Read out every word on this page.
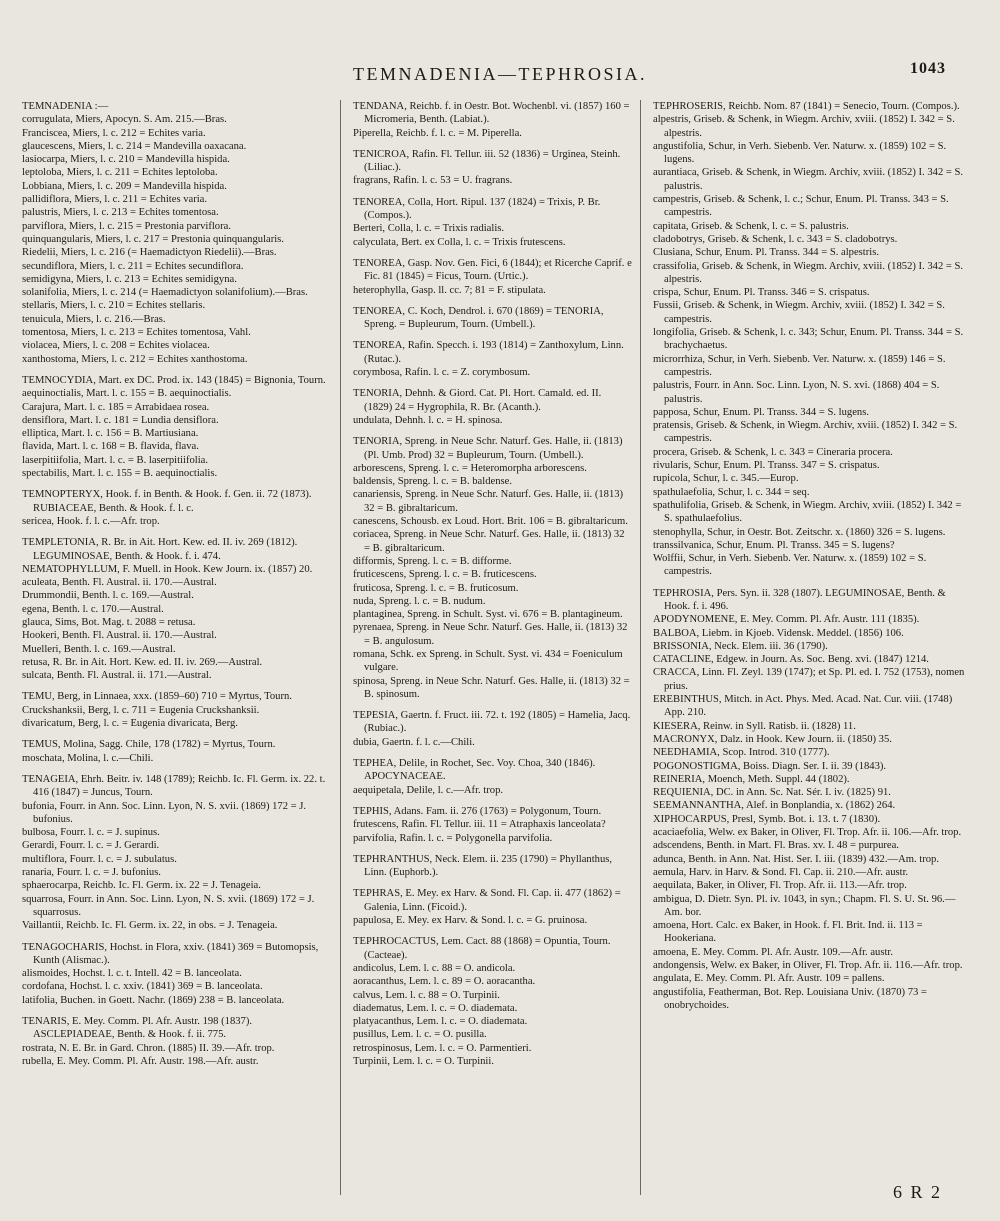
TEMNADENIA—TEPHROSIA.	1043

TEMNADENIA :—

corrugulata, Miers, Apocyn. S. Am. 215.—Bras.

Franciscea, Miers, l. c. 212 = Echites varia.

glaucescens, Miers, l. c. 214 = Mandevilla oaxacana.

lasiocarpa, Miers, l. c. 210 = Mandevilla hispida.

leptoloba, Miers, l. c. 211 = Echites leptoloba.

Lobbiana, Miers, l. c. 209 = Mandevilla hispida.

pallidiflora, Miers, l. c. 211 = Echites varia.

palustris, Miers, l. c. 213 = Echites tomentosa.

parviflora, Miers, l. c. 215 = Prestonia parviflora.

quinquangularis, Miers, l. c. 217 = Prestonia quinquangularis.

Riedelii, Miers, l. c. 216 (= Haemadictyon Riedelii).—Bras.

secundiflora, Miers, l. c. 211 = Echites secundiflora.

semidigyna, Miers, l. c. 213 = Echites semidigyna.

solanifolia, Miers, l. c. 214 (= Haemadictyon solanifolium).—Bras.

stellaris, Miers, l. c. 210 = Echites stellaris.

tenuicula, Miers, l. c. 216.—Bras.

tomentosa, Miers, l. c. 213 = Echites tomentosa, Vahl.

violacea, Miers, l. c. 208 = Echites violacea.

xanthostoma, Miers, l. c. 212 = Echites xanthostoma.

TEMNOCYDIA, Mart. ex DC. Prod. ix. 143 (1845) = Bignonia, Tourn.

aequinoctialis, Mart. l. c. 155 = B. aequinoctialis.

Carajura, Mart. l. c. 185 = Arrabidaea rosea.

densiflora, Mart. l. c. 181 = Lundia densiflora.

elliptica, Mart. l. c. 156 = B. Martiusiana.

flavida, Mart. l. c. 168 = B. flavida, flava.

laserpitiifolia, Mart. l. c. = B. laserpitiifolia.

spectabilis, Mart. l. c. 155 = B. aequinoctialis.

TEMNOPTERYX, Hook. f. in Benth. & Hook. f. Gen. ii. 72 (1873). RUBIACEAE, Benth. & Hook. f. l. c.

sericea, Hook. f. l. c.—Afr. trop.

TEMPLETONIA, R. Br. in Ait. Hort. Kew. ed. II. iv. 269 (1812). LEGUMINOSAE, Benth. & Hook. f. i. 474.

NEMATOPHYLLUM, F. Muell. in Hook. Kew Journ. ix. (1857) 20.

aculeata, Benth. Fl. Austral. ii. 170.—Austral.

Drummondii, Benth. l. c. 169.—Austral.

egena, Benth. l. c. 170.—Austral.

glauca, Sims, Bot. Mag. t. 2088 = retusa.

Hookeri, Benth. Fl. Austral. ii. 170.—Austral.

Muelleri, Benth. l. c. 169.—Austral.

retusa, R. Br. in Ait. Hort. Kew. ed. II. iv. 269.—Austral.

sulcata, Benth. Fl. Austral. ii. 171.—Austral.

TEMU, Berg, in Linnaea, xxx. (1859–60) 710 = Myrtus, Tourn.

Cruckshanksii, Berg, l. c. 711 = Eugenia Cruckshanksii.

divaricatum, Berg, l. c. = Eugenia divaricata, Berg.

TEMUS, Molina, Sagg. Chile, 178 (1782) = Myrtus, Tourn.

moschata, Molina, l. c.—Chili.

TENAGEIA, Ehrh. Beitr. iv. 148 (1789); Reichb. Ic. Fl. Germ. ix. 22. t. 416 (1847) = Juncus, Tourn.

bufonia, Fourr. in Ann. Soc. Linn. Lyon, N. S. xvii. (1869) 172 = J. bufonius.

bulbosa, Fourr. l. c. = J. supinus.

Gerardi, Fourr. l. c. = J. Gerardi.

multiflora, Fourr. l. c. = J. subulatus.

ranaria, Fourr. l. c. = J. bufonius.

sphaerocarpa, Reichb. Ic. Fl. Germ. ix. 22 = J. Tenageia.

squarrosa, Fourr. in Ann. Soc. Linn. Lyon, N. S. xvii. (1869) 172 = J. squarrosus.

Vaillantii, Reichb. Ic. Fl. Germ. ix. 22, in obs. = J. Tenageia.

TENAGOCHARIS, Hochst. in Flora, xxiv. (1841) 369 = Butomopsis, Kunth (Alismac.).

alismoides, Hochst. l. c. t. Intell. 42 = B. lanceolata.

cordofana, Hochst. l. c. xxiv. (1841) 369 = B. lanceolata.

latifolia, Buchen. in Goett. Nachr. (1869) 238 = B. lanceolata.

TENARIS, E. Mey. Comm. Pl. Afr. Austr. 198 (1837). ASCLEPIADEAE, Benth. & Hook. f. ii. 775.

rostrata, N. E. Br. in Gard. Chron. (1885) II. 39.—Afr. trop.

rubella, E. Mey. Comm. Pl. Afr. Austr. 198.—Afr. austr.

TENDANA, Reichb. f. in Oestr. Bot. Wochenbl. vi. (1857) 160 = Micromeria, Benth. (Labiat.).

Piperella, Reichb. f. l. c. = M. Piperella.

TENICROA, Rafin. Fl. Tellur. iii. 52 (1836) = Urginea, Steinh. (Liliac.).

fragrans, Rafin. l. c. 53 = U. fragrans.

TENOREA, Colla, Hort. Ripul. 137 (1824) = Trixis, P. Br. (Compos.).

Berteri, Colla, l. c. = Trixis radialis.

calyculata, Bert. ex Colla, l. c. = Trixis frutescens.

TENOREA, Gasp. Nov. Gen. Fici, 6 (1844); et Ricerche Caprif. e Fic. 81 (1845) = Ficus, Tourn. (Urtic.).

heterophylla, Gasp. ll. cc. 7; 81 = F. stipulata.

TENOREA, C. Koch, Dendrol. i. 670 (1869) = TENORIA, Spreng. = Bupleurum, Tourn. (Umbell.).

TENOREA, Rafin. Specch. i. 193 (1814) = Zanthoxylum, Linn. (Rutac.).

corymbosa, Rafin. l. c. = Z. corymbosum.

TENORIA, Dehnh. & Giord. Cat. Pl. Hort. Camald. ed. II. (1829) 24 = Hygrophila, R. Br. (Acanth.).

undulata, Dehnh. l. c. = H. spinosa.

TENORIA, Spreng. in Neue Schr. Naturf. Ges. Halle, ii. (1813) (Pl. Umb. Prod) 32 = Bupleurum, Tourn. (Umbell.).

arborescens, Spreng. l. c. = Heteromorpha arborescens.

baldensis, Spreng. l. c. = B. baldense.

canariensis, Spreng. in Neue Schr. Naturf. Ges. Halle, ii. (1813) 32 = B. gibraltaricum.

canescens, Schousb. ex Loud. Hort. Brit. 106 = B. gibraltaricum.

coriacea, Spreng. in Neue Schr. Naturf. Ges. Halle, ii. (1813) 32 = B. gibraltaricum.

difformis, Spreng. l. c. = B. difforme.

fruticescens, Spreng. l. c. = B. fruticescens.

fruticosa, Spreng. l. c. = B. fruticosum.

nuda, Spreng. l. c. = B. nudum.

plantaginea, Spreng. in Schult. Syst. vi. 676 = B. plantagineum.

pyrenaea, Spreng. in Neue Schr. Naturf. Ges. Halle, ii. (1813) 32 = B. angulosum.

romana, Schk. ex Spreng. in Schult. Syst. vi. 434 = Foeniculum vulgare.

spinosa, Spreng. in Neue Schr. Naturf. Ges. Halle, ii. (1813) 32 = B. spinosum.

TEPESIA, Gaertn. f. Fruct. iii. 72. t. 192 (1805) = Hamelia, Jacq. (Rubiac.).

dubia, Gaertn. f. l. c.—Chili.

TEPHEA, Delile, in Rochet, Sec. Voy. Choa, 340 (1846). APOCYNACEAE.

aequipetala, Delile, l. c.—Afr. trop.

TEPHIS, Adans. Fam. ii. 276 (1763) = Polygonum, Tourn.

frutescens, Rafin. Fl. Tellur. iii. 11 = Atraphaxis lanceolata?

parvifolia, Rafin. l. c. = Polygonella parvifolia.

TEPHRANTHUS, Neck. Elem. ii. 235 (1790) = Phyllanthus, Linn. (Euphorb.).

TEPHRAS, E. Mey. ex Harv. & Sond. Fl. Cap. ii. 477 (1862) = Galenia, Linn. (Ficoid.).

papulosa, E. Mey. ex Harv. & Sond. l. c. = G. pruinosa.

TEPHROCACTUS, Lem. Cact. 88 (1868) = Opuntia, Tourn. (Cacteae).

andicolus, Lem. l. c. 88 = O. andicola.

aoracanthus, Lem. l. c. 89 = O. aoracantha.

calvus, Lem. l. c. 88 = O. Turpinii.

diadematus, Lem. l. c. = O. diademata.

platyacanthus, Lem. l. c. = O. diademata.

pusillus, Lem. l. c. = O. pusilla.

retrospinosus, Lem. l. c. = O. Parmentieri.

Turpinii, Lem. l. c. = O. Turpinii.

TEPHROSERIS, Reichb. Nom. 87 (1841) = Senecio, Tourn. (Compos.).

alpestris, Griseb. & Schenk, in Wiegm. Archiv, xviii. (1852) I. 342 = S. alpestris.

angustifolia, Schur, in Verh. Siebenb. Ver. Naturw. x. (1859) 102 = S. lugens.

aurantiaca, Griseb. & Schenk, in Wiegm. Archiv, xviii. (1852) I. 342 = S. palustris.

campestris, Griseb. & Schenk, l. c.; Schur, Enum. Pl. Transs. 343 = S. campestris.

capitata, Griseb. & Schenk, l. c. = S. palustris.

cladobotrys, Griseb. & Schenk, l. c. 343 = S. cladobotrys.

Clusiana, Schur, Enum. Pl. Transs. 344 = S. alpestris.

crassifolia, Griseb. & Schenk, in Wiegm. Archiv, xviii. (1852) I. 342 = S. alpestris.

crispa, Schur, Enum. Pl. Transs. 346 = S. crispatus.

Fussii, Griseb. & Schenk, in Wiegm. Archiv, xviii. (1852) I. 342 = S. campestris.

longifolia, Griseb. & Schenk, l. c. 343; Schur, Enum. Pl. Transs. 344 = S. brachychaetus.

microrrhiza, Schur, in Verh. Siebenb. Ver. Naturw. x. (1859) 146 = S. campestris.

palustris, Fourr. in Ann. Soc. Linn. Lyon, N. S. xvi. (1868) 404 = S. palustris.

papposa, Schur, Enum. Pl. Transs. 344 = S. lugens.

pratensis, Griseb. & Schenk, in Wiegm. Archiv, xviii. (1852) I. 342 = S. campestris.

procera, Griseb. & Schenk, l. c. 343 = Cineraria procera.

rivularis, Schur, Enum. Pl. Transs. 347 = S. crispatus.

rupicola, Schur, l. c. 345.—Europ.

spathulaefolia, Schur, l. c. 344 = seq.

spathulifolia, Griseb. & Schenk, in Wiegm. Archiv, xviii. (1852) I. 342 = S. spathulaefolius.

stenophylla, Schur, in Oestr. Bot. Zeitschr. x. (1860) 326 = S. lugens.

transsilvanica, Schur, Enum. Pl. Transs. 345 = S. lugens?

Wolffii, Schur, in Verh. Siebenb. Ver. Naturw. x. (1859) 102 = S. campestris.

TEPHROSIA, Pers. Syn. ii. 328 (1807). LEGUMINOSAE, Benth. & Hook. f. i. 496.

APODYNOMENE, E. Mey. Comm. Pl. Afr. Austr. 111 (1835).

BALBOA, Liebm. in Kjoeb. Vidensk. Meddel. (1856) 106.

BRISSONIA, Neck. Elem. iii. 36 (1790).

CATACLINE, Edgew. in Journ. As. Soc. Beng. xvi. (1847) 1214.

CRACCA, Linn. Fl. Zeyl. 139 (1747); et Sp. Pl. ed. I. 752 (1753), nomen prius.

EREBINTHUS, Mitch. in Act. Phys. Med. Acad. Nat. Cur. viii. (1748) App. 210.

KIESERA, Reinw. in Syll. Ratisb. ii. (1828) 11.

MACRONYX, Dalz. in Hook. Kew Journ. ii. (1850) 35.

NEEDHAMIA, Scop. Introd. 310 (1777).

POGONOSTIGMA, Boiss. Diagn. Ser. I. ii. 39 (1843).

REINERIA, Moench, Meth. Suppl. 44 (1802).

REQUIENIA, DC. in Ann. Sc. Nat. Sér. I. iv. (1825) 91.

SEEMANNANTHA, Alef. in Bonplandia, x. (1862) 264.

XIPHOCARPUS, Presl, Symb. Bot. i. 13. t. 7 (1830).

acaciaefolia, Welw. ex Baker, in Oliver, Fl. Trop. Afr. ii. 106.—Afr. trop.

adscendens, Benth. in Mart. Fl. Bras. xv. I. 48 = purpurea.

adunca, Benth. in Ann. Nat. Hist. Ser. I. iii. (1839) 432.—Am. trop.

aemula, Harv. in Harv. & Sond. Fl. Cap. ii. 210.—Afr. austr.

aequilata, Baker, in Oliver, Fl. Trop. Afr. ii. 113.—Afr. trop.

ambigua, D. Dietr. Syn. Pl. iv. 1043, in syn.; Chapm. Fl. S. U. St. 96.—Am. bor.

amoena, Hort. Calc. ex Baker, in Hook. f. Fl. Brit. Ind. ii. 113 = Hookeriana.

amoena, E. Mey. Comm. Pl. Afr. Austr. 109.—Afr. austr.

andongensis, Welw. ex Baker, in Oliver, Fl. Trop. Afr. ii. 116.—Afr. trop.

angulata, E. Mey. Comm. Pl. Afr. Austr. 109 = pallens.

angustifolia, Featherman, Bot. Rep. Louisiana Univ. (1870) 73 = onobrychoides.

6 R 2
